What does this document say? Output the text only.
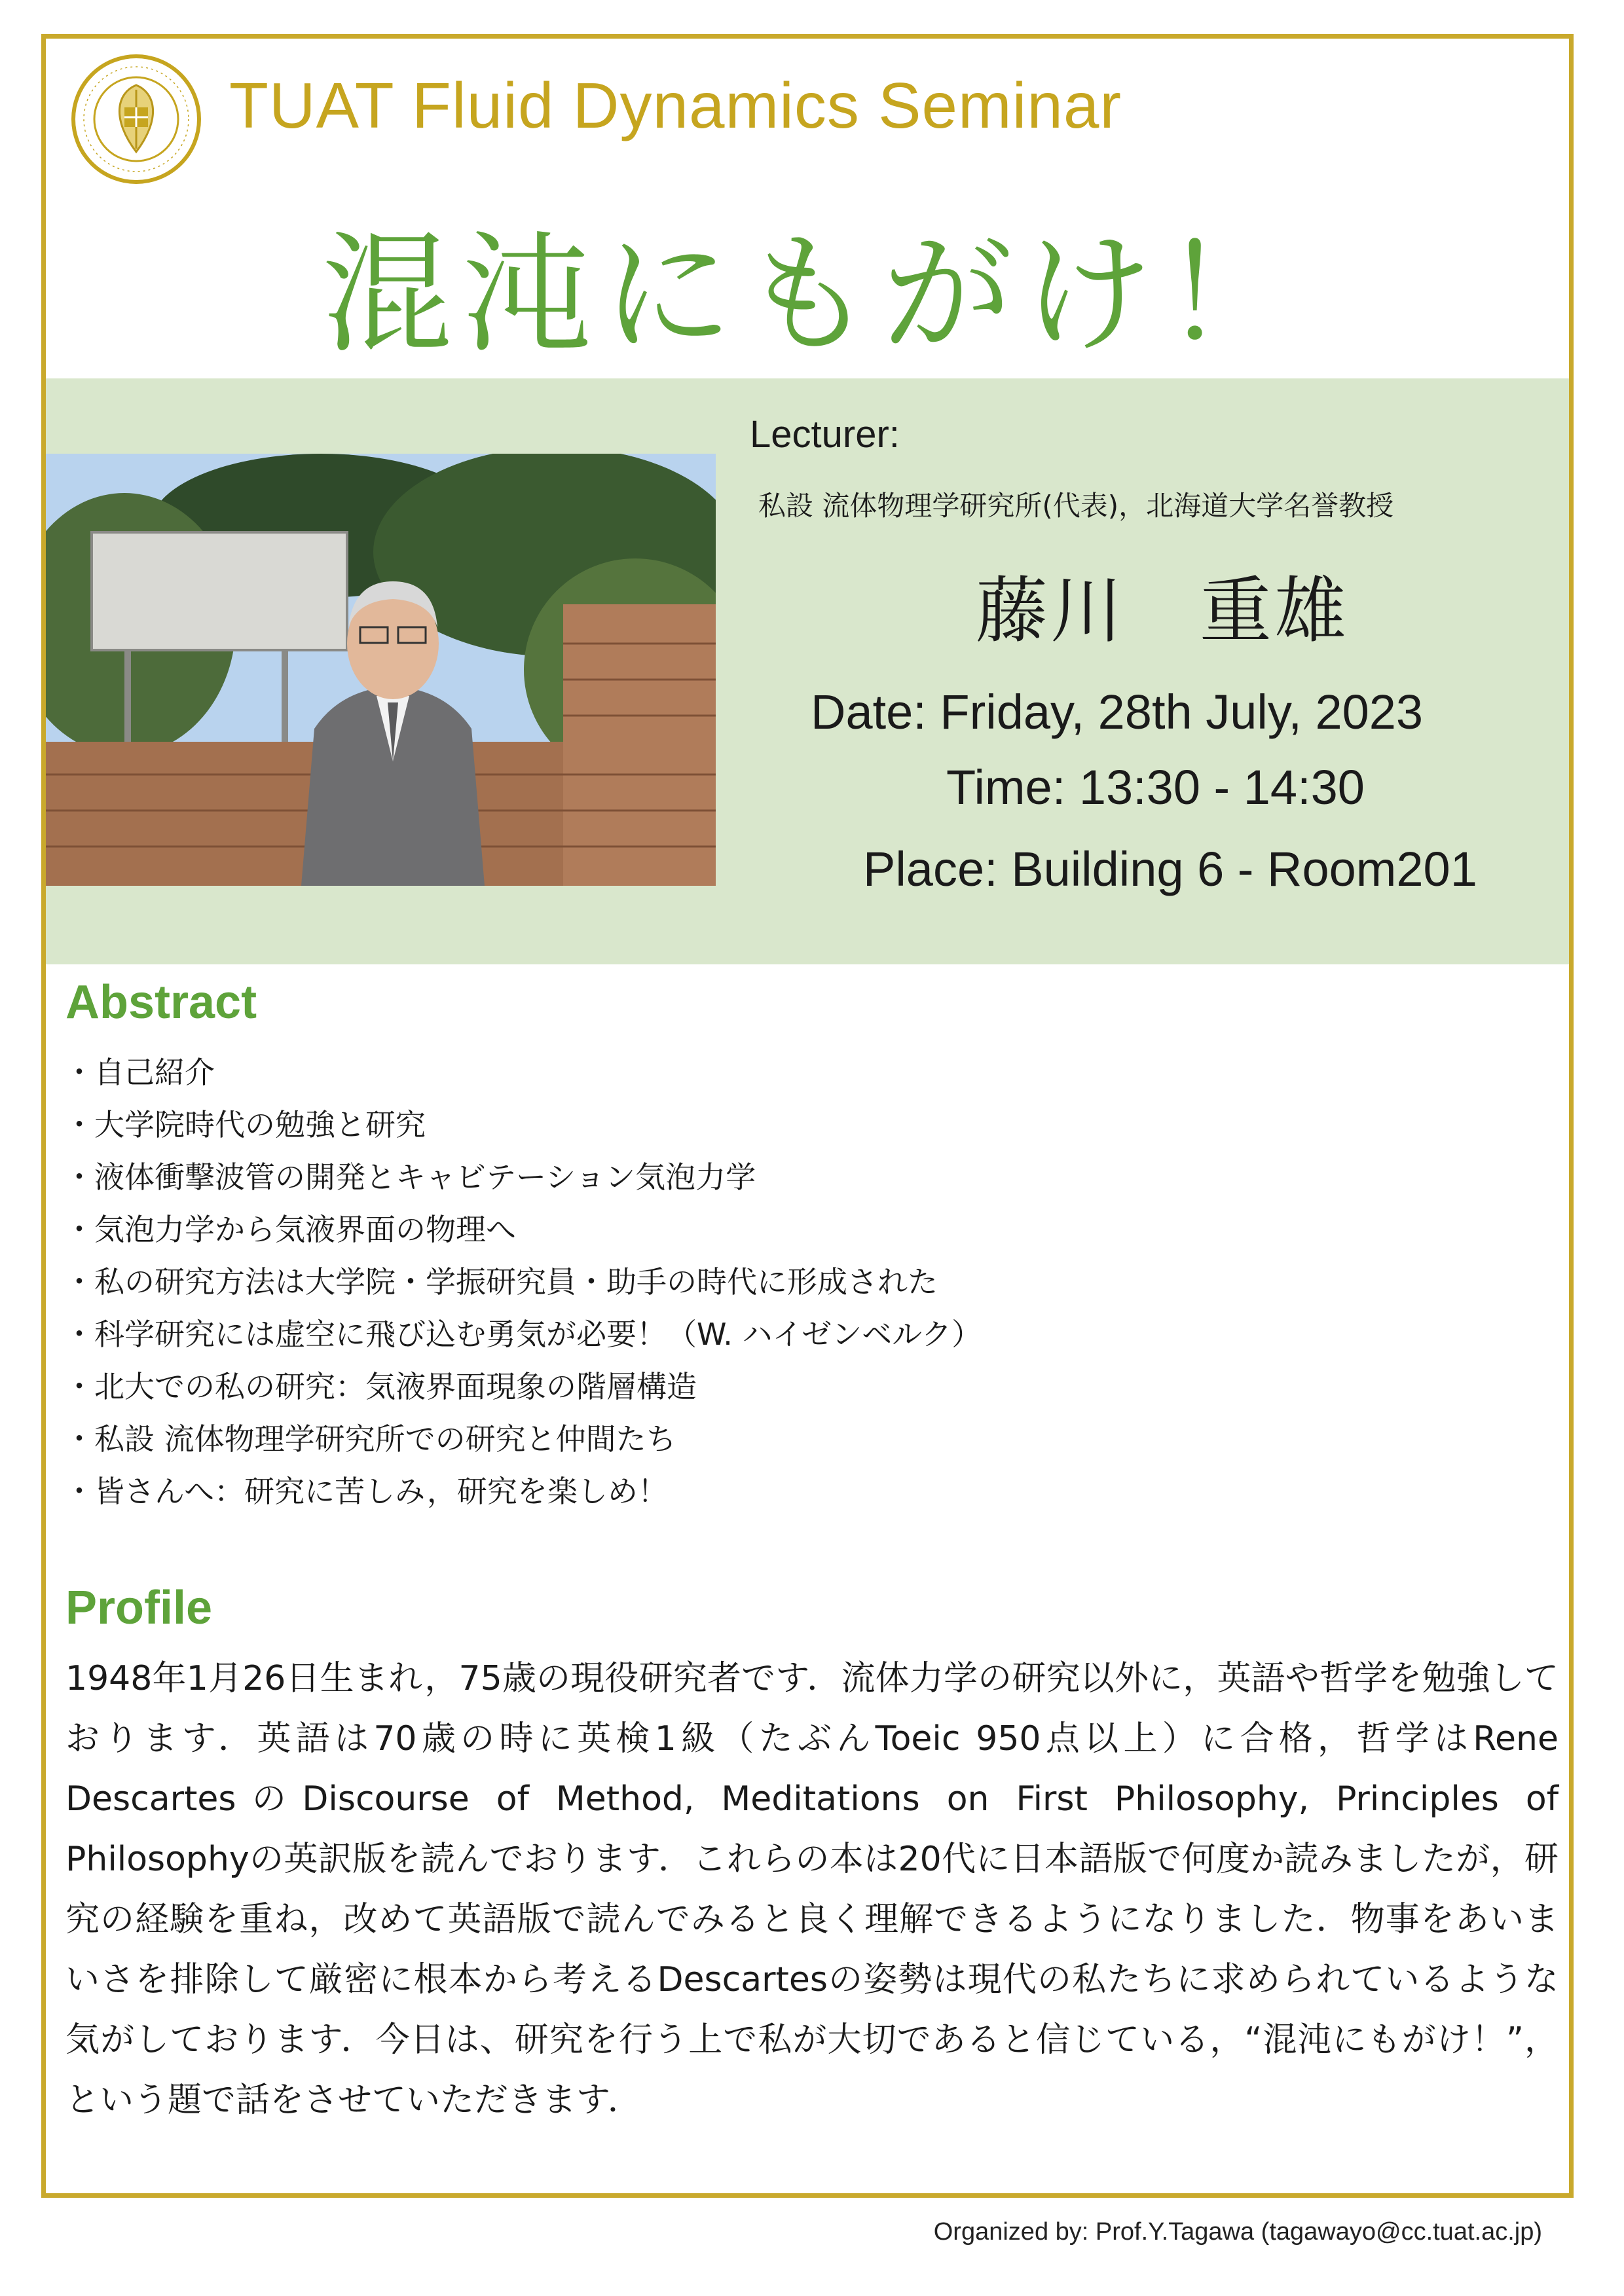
TUAT Fluid Dynamics Seminar
混沌にもがけ！
Lecturer:
私設 流体物理学研究所(代表)，北海道大学名誉教授
藤川　重雄
Date: Friday, 28th July, 2023
Time: 13:30 - 14:30
Place: Building 6 - Room201
Abstract
・自己紹介
・大学院時代の勉強と研究
・液体衝撃波管の開発とキャビテーション気泡力学
・気泡力学から気液界面の物理へ
・私の研究方法は大学院・学振研究員・助手の時代に形成された
・科学研究には虚空に飛び込む勇気が必要！（W. ハイゼンベルク）
・北大での私の研究：気液界面現象の階層構造
・私設 流体物理学研究所での研究と仲間たち
・皆さんへ：研究に苦しみ，研究を楽しめ！
Profile

1948年1月26日生まれ，75歳の現役研究者です．流体力学の研究以外に，英語や哲学を勉強しております．英語は70歳の時に英検1級（たぶんToeic 950点以上）に合格，哲学はRene DescartesのDiscourse of Method, Meditations on First Philosophy, Principles of Philosophyの英訳版を読んでおります．これらの本は20代に日本語版で何度か読みましたが，研究の経験を重ね，改めて英語版で読んでみると良く理解できるようになりました．物事をあいまいさを排除して厳密に根本から考えるDescartesの姿勢は現代の私たちに求められているような気がしております．今日は、研究を行う上で私が大切であると信じている，“混沌にもがけ！”，という題で話をさせていただきます．

Organized by: Prof.Y.Tagawa (tagawayo@cc.tuat.ac.jp)
